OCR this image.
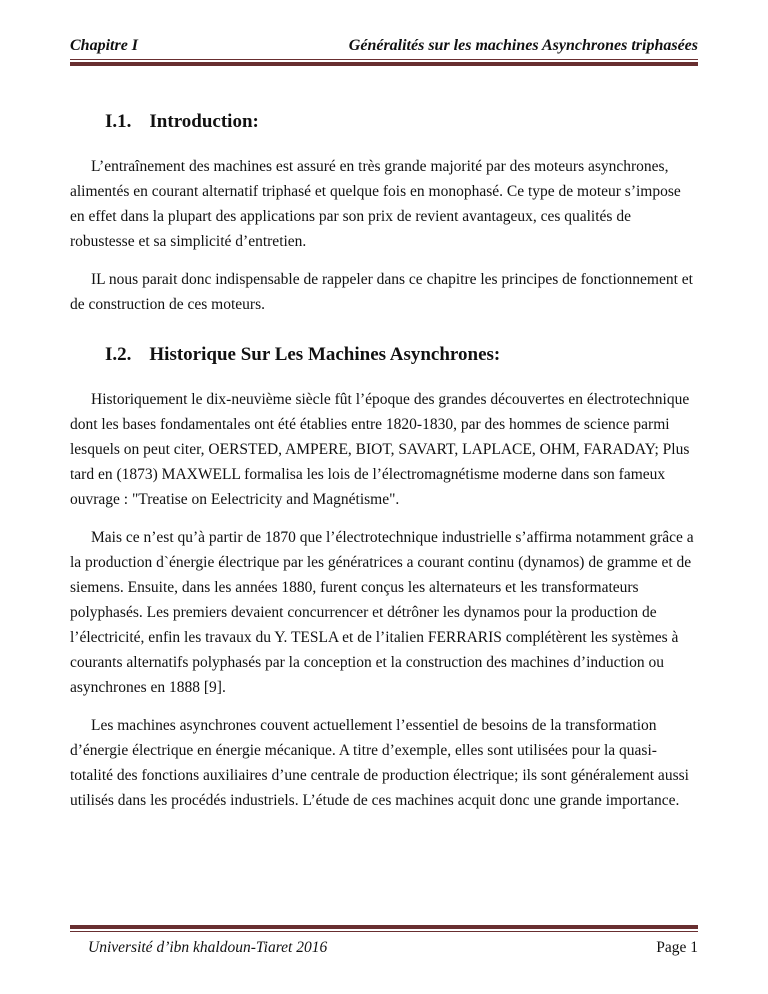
Chapitre I	Généralités sur les machines Asynchrones triphasées
I.1. Introduction:

L’entraînement des machines est assuré en très grande majorité par des moteurs asynchrones, alimentés en courant alternatif triphasé et quelque fois en monophasé. Ce type de moteur s’impose en effet dans la plupart des applications par son prix de revient avantageux, ces qualités de robustesse et sa simplicité d’entretien.

IL nous parait donc indispensable de rappeler dans ce chapitre les principes de fonctionnement et de construction de ces moteurs.

I.2. Historique Sur Les Machines Asynchrones:

Historiquement le dix-neuvième siècle fût l’époque des grandes découvertes en électrotechnique dont les bases fondamentales ont été établies entre 1820-1830, par des hommes de science parmi lesquels on peut citer, OERSTED, AMPERE, BIOT, SAVART, LAPLACE, OHM, FARADAY; Plus tard en (1873) MAXWELL formalisa les lois de l’électromagnétisme moderne dans son fameux ouvrage : "Treatise on Eelectricity and Magnétisme".

Mais ce n’est qu’à partir de 1870 que l’électrotechnique industrielle s’affirma notamment grâce a la production d`énergie électrique par les génératrices a courant continu (dynamos) de gramme et de siemens. Ensuite, dans les années 1880, furent conçus les alternateurs et les transformateurs polyphasés. Les premiers devaient concurrencer et détrôner les dynamos pour la production de l’électricité, enfin les travaux du Y. TESLA et de l’italien FERRARIS complétèrent les systèmes à courants alternatifs polyphasés par la conception et la construction des machines d’induction ou asynchrones en 1888 [9].

Les machines asynchrones couvent actuellement l’essentiel de besoins de la transformation d’énergie électrique en énergie mécanique. A titre d’exemple, elles sont utilisées pour la quasi-totalité des fonctions auxiliaires d’une centrale de production électrique; ils sont généralement aussi utilisés dans les procédés industriels. L’étude de ces machines acquit donc une grande importance.

Université d’ibn khaldoun-Tiaret 2016	Page 1
